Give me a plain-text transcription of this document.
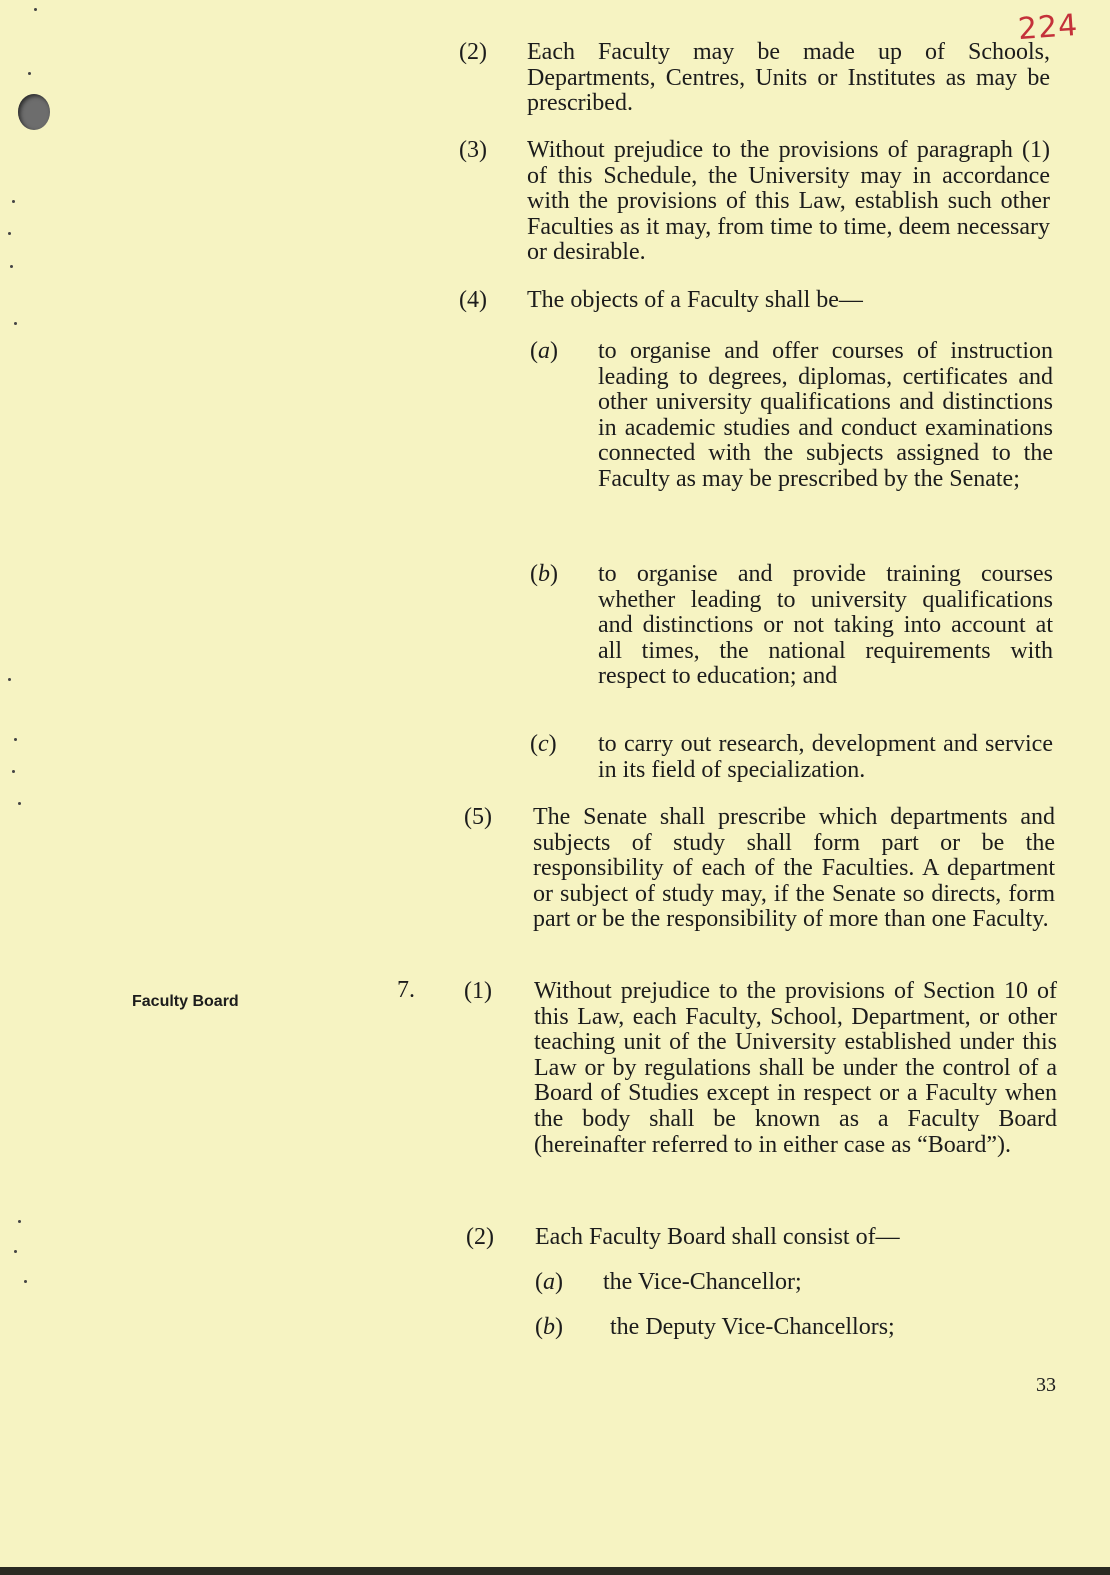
224
(2) Each Faculty may be made up of Schools, Departments, Centres, Units or Institutes as may be prescribed.
(3) Without prejudice to the provisions of paragraph (1) of this Schedule, the University may in accordance with the provisions of this Law, establish such other Faculties as it may, from time to time, deem necessary or desirable.
(4) The objects of a Faculty shall be—
(a) to organise and offer courses of instruction leading to degrees, diplomas, certificates and other university qualifications and distinctions in academic studies and conduct examinations connected with the subjects assigned to the Faculty as may be prescribed by the Senate;
(b) to organise and provide training courses whether leading to university qualifications and distinctions or not taking into account at all times, the national requirements with respect to education; and
(c) to carry out research, development and service in its field of specialization.
(5) The Senate shall prescribe which departments and subjects of study shall form part or be the responsibility of each of the Faculties. A department or subject of study may, if the Senate so directs, form part or be the responsibility of more than one Faculty.
Faculty Board	7. (1) Without prejudice to the provisions of Section 10 of this Law, each Faculty, School, Department, or other teaching unit of the University established under this Law or by regulations shall be under the control of a Board of Studies except in respect or a Faculty when the body shall be known as a Faculty Board (hereinafter referred to in either case as “Board”).
(2) Each Faculty Board shall consist of—
(a) the Vice-Chancellor;
(b) the Deputy Vice-Chancellors;
33
